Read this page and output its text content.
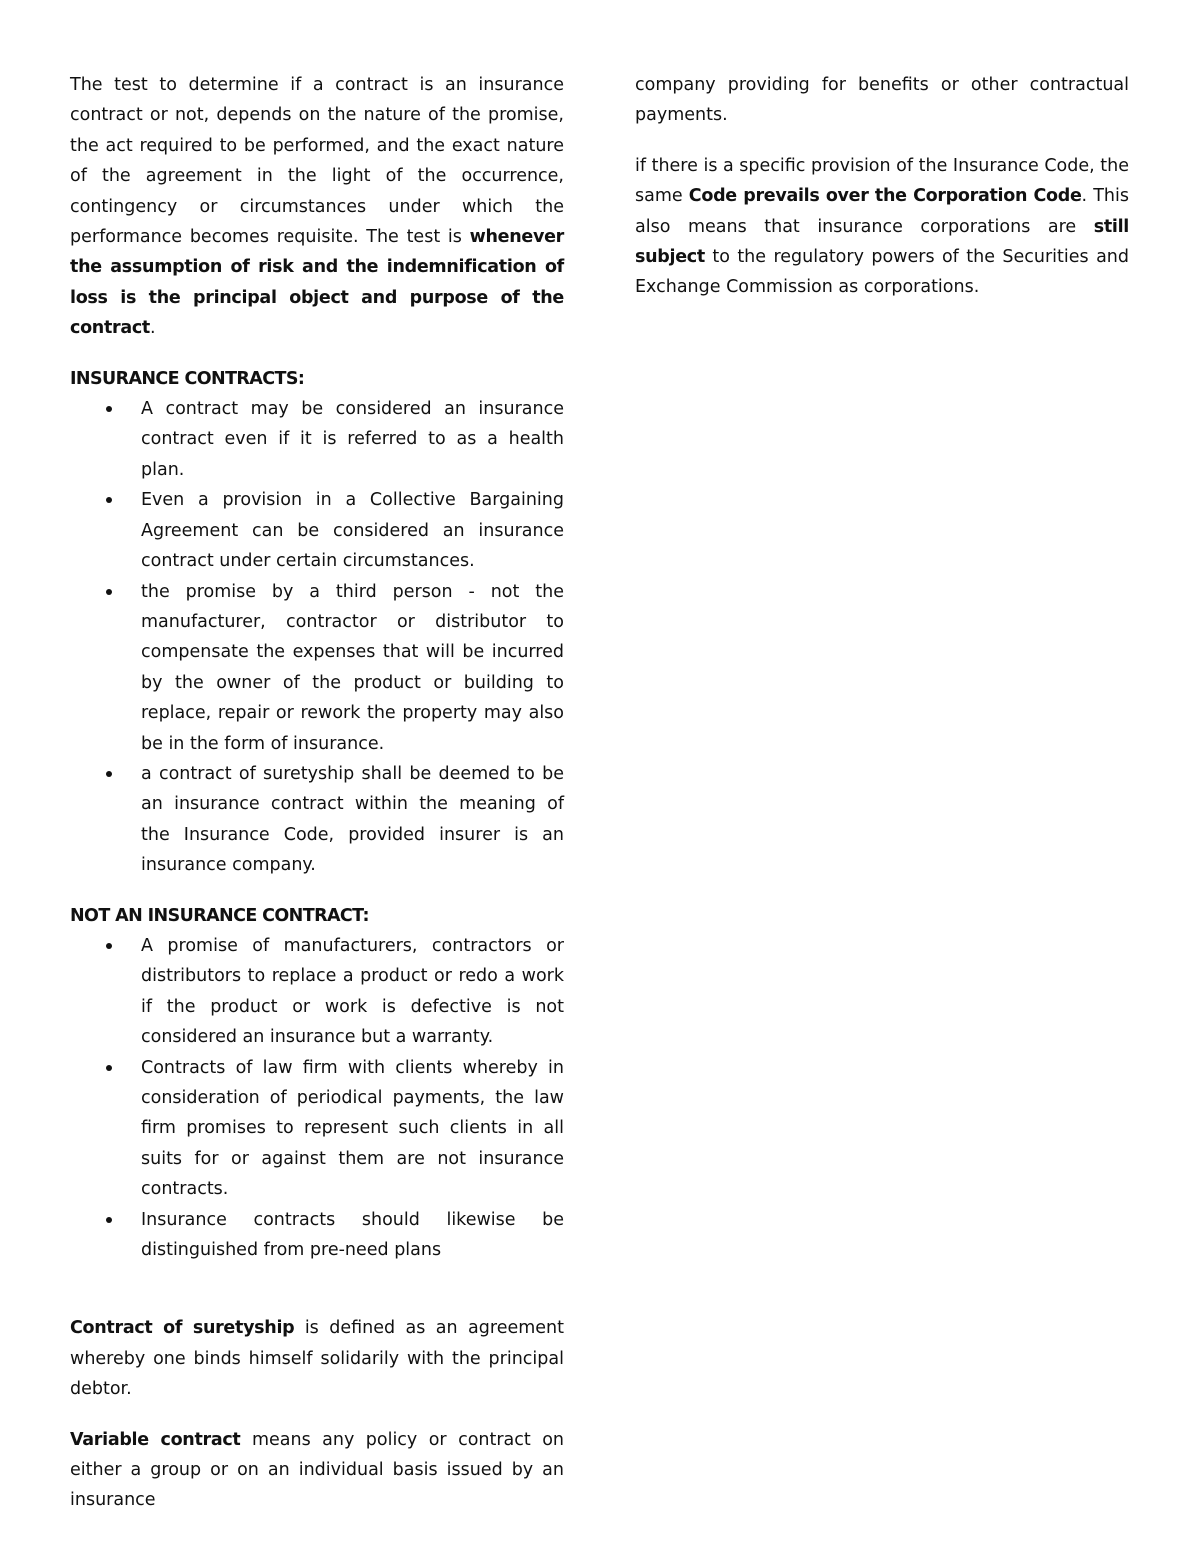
The test to determine if a contract is an insurance contract or not, depends on the nature of the promise, the act required to be performed, and the exact nature of the agreement in the light of the occurrence, contingency or circumstances under which the performance becomes requisite. The test is whenever the assumption of risk and the indemnification of loss is the principal object and purpose of the contract.

INSURANCE CONTRACTS:

A contract may be considered an insurance contract even if it is referred to as a health plan.
Even a provision in a Collective Bargaining Agreement can be considered an insurance contract under certain circumstances.
the promise by a third person - not the manufacturer, contractor or distributor to compensate the expenses that will be incurred by the owner of the product or building to replace, repair or rework the property may also be in the form of insurance.
a contract of suretyship shall be deemed to be an insurance contract within the meaning of the Insurance Code, provided insurer is an insurance company.

NOT AN INSURANCE CONTRACT:

A promise of manufacturers, contractors or distributors to replace a product or redo a work if the product or work is defective is not considered an insurance but a warranty.
Contracts of law firm with clients whereby in consideration of periodical payments, the law firm promises to represent such clients in all suits for or against them are not insurance contracts.
Insurance contracts should likewise be distinguished from pre-need plans

Contract of suretyship is defined as an agreement whereby one binds himself solidarily with the principal debtor.

Variable contract means any policy or contract on either a group or on an individual basis issued by an insurance

company providing for benefits or other contractual payments.

if there is a specific provision of the Insurance Code, the same Code prevails over the Corporation Code. This also means that insurance corporations are still subject to the regulatory powers of the Securities and Exchange Commission as corporations.
